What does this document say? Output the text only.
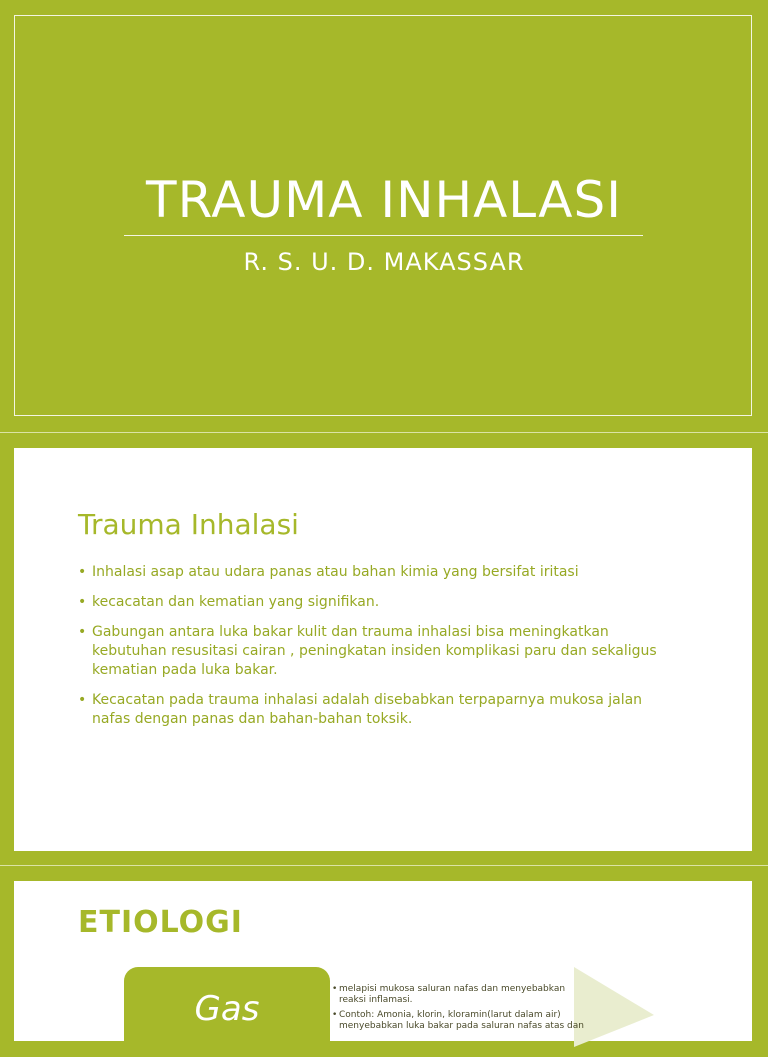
TRAUMA INHALASI
R. S. U. D. MAKASSAR
Trauma Inhalasi
• Inhalasi asap atau udara panas atau bahan kimia yang bersifat iritasi
• kecacatan dan kematian yang signifikan.
• Gabungan antara luka bakar kulit dan trauma inhalasi bisa meningkatkan kebutuhan resusitasi cairan , peningkatan insiden komplikasi paru dan sekaligus kematian pada luka bakar.
• Kecacatan pada trauma inhalasi adalah disebabkan terpaparnya mukosa jalan nafas dengan panas dan bahan-bahan toksik.
ETIOLOGI
Gas
•	melapisi mukosa saluran nafas dan menyebabkan reaksi inflamasi.
• Contoh: Amonia, klorin, kloramin(larut dalam air) menyebabkan luka bakar pada saluran nafas atas dan
